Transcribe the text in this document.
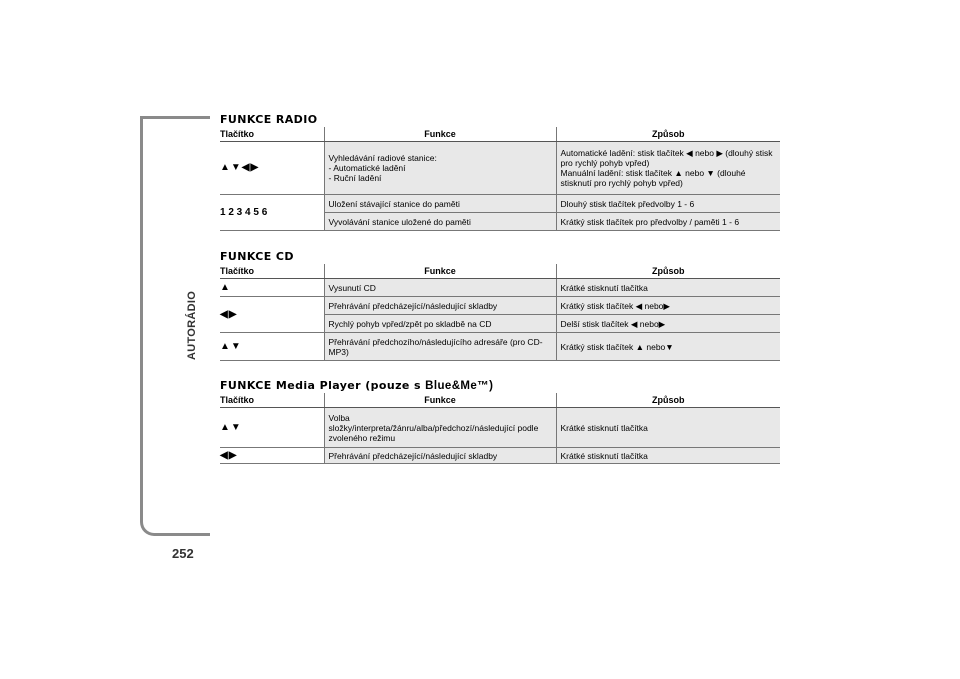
AUTORÁDIO
252
FUNKCE RADIO
Tlačítko	Funkce	Způsob
▲▼◀▶	Vyhledávání radiové stanice:
- Automatické ladění
- Ruční ladění	Automatické ladění: stisk tlačítek ◀ nebo ▶ (dlouhý stisk pro rychlý pohyb vpřed)
Manuální ladění: stisk tlačítek ▲ nebo ▼ (dlouhé stisknutí pro rychlý pohyb vpřed)
1 2 3 4 5 6	Uložení stávající stanice do paměti	Dlouhý stisk tlačítek předvolby 1 - 6
	Vyvolávání stanice uložené do paměti	Krátký stisk tlačítek pro předvolby / paměti 1 - 6
FUNKCE CD
Tlačítko	Funkce	Způsob
▲	Vysunutí CD	Krátké stisknutí tlačítka
◀▶	Přehrávání předcházející/následující skladby	Krátký stisk tlačítek ◀ nebo▶
	Rychlý pohyb vpřed/zpět po skladbě na CD	Delší stisk tlačítek ◀ nebo▶
▲▼	Přehrávání předchozího/následujícího adresáře (pro CD-MP3)	Krátký stisk tlačítek ▲ nebo▼
FUNKCE Media Player (pouze s Blue&Me™)
Tlačítko	Funkce	Způsob
▲▼	Volba
složky/interpreta/žánru/alba/předchozí/následující podle zvoleného režimu	Krátké stisknutí tlačítka
◀▶	Přehrávání předcházející/následující skladby	Krátké stisknutí tlačítka
